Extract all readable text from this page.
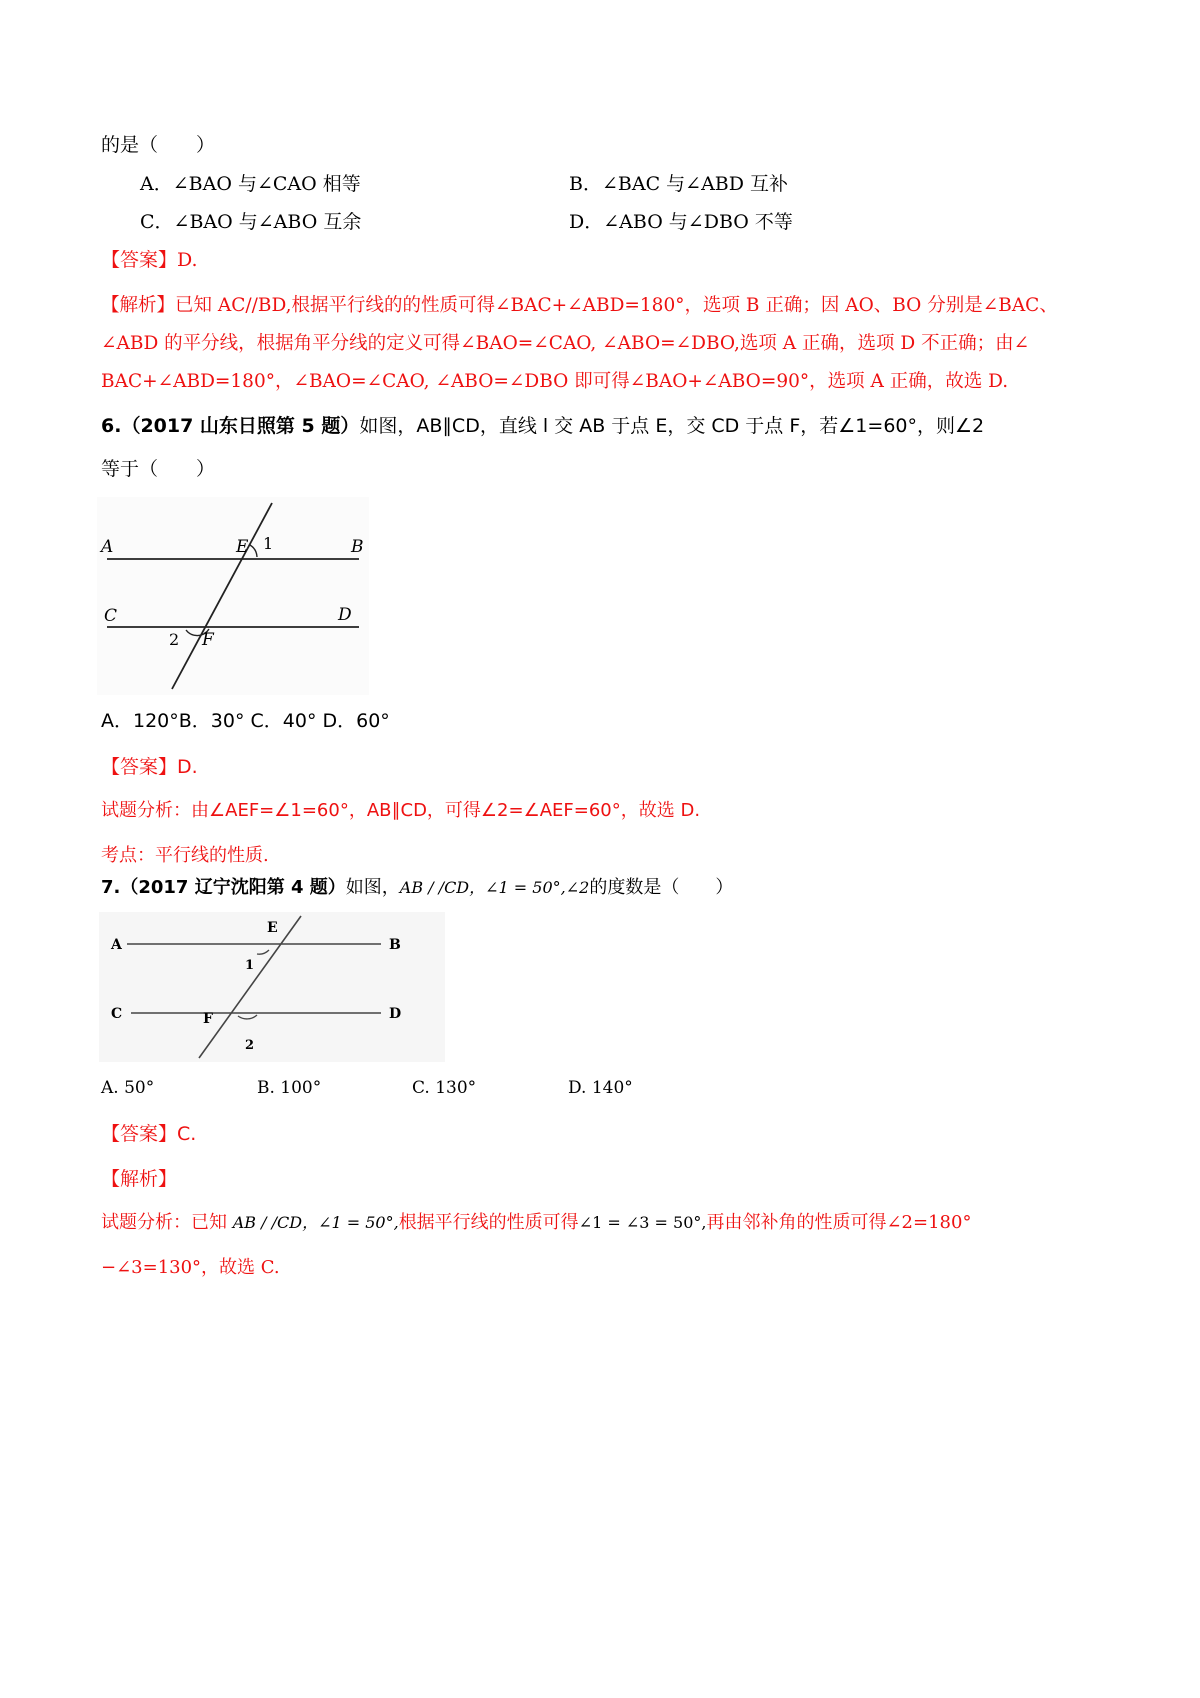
的是（　　）
A．∠BAO 与∠CAO 相等	B．∠BAC 与∠ABD 互补
C．∠BAO 与∠ABO 互余	D．∠ABO 与∠DBO 不等
【答案】D.
【解析】已知 AC//BD,根据平行线的的性质可得∠BAC+∠ABD=180°，选项 B 正确；因 AO、BO 分别是∠BAC、
∠ABD 的平分线，根据角平分线的定义可得∠BAO=∠CAO, ∠ABO=∠DBO,选项 A 正确，选项 D 不正确；由∠
BAC+∠ABD=180°，∠BAO=∠CAO, ∠ABO=∠DBO 即可得∠BAO+∠ABO=90°，选项 A 正确，故选 D.
6.（2017 山东日照第 5 题）如图，AB∥CD，直线 l 交 AB 于点 E，交 CD 于点 F，若∠1=60°，则∠2
等于（　　）
A	E 1	B
C	D
2 F
A．120°B．30° C．40° D．60°
【答案】D.
试题分析：由∠AEF=∠1=60°，AB∥CD，可得∠2=∠AEF=60°，故选 D.
考点：平行线的性质.
7.（2017 辽宁沈阳第 4 题）如图，AB / /CD，∠1 = 50°,∠2的度数是（　　）
A
E
B
1
C	F	D
2
A. 50°	B. 100°	C. 130°	D. 140°
【答案】C.
【解析】
试题分析：已知 AB / /CD，∠1 = 50°,根据平行线的性质可得∠1 = ∠3 = 50°,再由邻补角的性质可得∠2=180°
−∠3=130°，故选 C.
